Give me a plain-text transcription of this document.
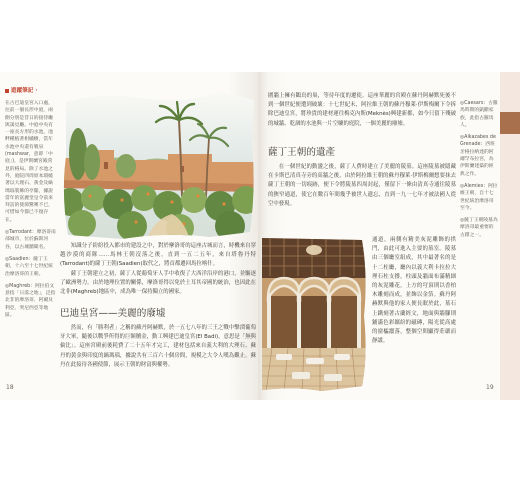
遊蹤筆記 ·

在古巴迪皇宮入口處，往前一個長形中庭，兩側分別是昔日的接待廳與謁見廳。中庭中央有一座長方形的水池，池畔種植著柑橘樹，當年水池中央還有噴泉(mashwar，意即「中庭」)，是伊斯蘭宮殿常見的格局。除了水池之外，庭院四周原本環繞著以大理石、黃金及縞瑪瑙裝飾的亭閣，據說當年的富麗堂皇令前來拜訪的使節驚嘆不已，可惜如今都已不復存在。

◎Tarrodant：摩洛哥南部城市，位於蘇斯河谷，以古城牆聞名。

◎Saadien：薩丁王朝，十六至十七世紀統治摩洛哥的王朝。

◎Maghreb：阿拉伯文意指「日落之地」，泛指北非的摩洛哥、阿爾及利亞、突尼西亞等地區。

知識分子紛紛投入都市的建設之中，對於摩洛哥的這座古城而言，時機來自穿越沙漠的商隊……馬林王朝沒落之後，直到一五二五年，來自塔魯丹特(Tarrodant)的薩丁王朝(Saadien)取代之，將首都遷回馬拉喀什。

薩丁王朝建立之初，薩丁人從葡萄牙人手中收復了大西洋沿岸的港口，並驅逐了歐洲勢力。由於地理位置的關係，摩洛哥得以免於土耳其帝國的統治，也因此在北非(Maghreb)地區中，成為唯一保持獨立的國家。

巴迪皇宮——美麗的廢墟

然而，有「勝利者」之稱的蘇丹阿赫默，於一五七八年的三王之戰中擊潰葡萄牙大軍，隨後以戰爭所得的巨額贖金，動工興建巴迪皇宮(El Badi)，意思是「無與倫比」。這座宮殿前後耗費了二十五年才完工，建材包括來自義大利的大理石、蘇丹的黃金與印度的縞瑪瑙，據說共有三百六十個房間，規模之大令人嘆為觀止。蘇丹在此接待各國使節，展示王朝的財富與權勢。

18

圍牆上擁有鸛鳥的巢，等待年度的遷徙。這座華麗的宮殿在蘇丹阿赫默死後不到一個世紀便遭到破壞：十七世紀末，阿拉維王朝的蘇丹穆萊·伊斯梅爾下令拆除巴迪皇宮，將珍貴的建材運往梅克內斯(Meknès)興建新都，如今只留下殘破的城牆、乾涸的水池與一片空曠的庭院，一個美麗的廢墟。

薩丁王朝的遺產

在一個世紀的動盪之後，薩丁人費時建立了美麗的陵墓。這座陵墓被隱藏在卡斯巴清真寺旁的高牆之後，由於阿拉維王朝的蘇丹穆萊·伊斯梅爾想要抹去薩丁王朝的一切痕跡，便下令將陵墓四周封起，僅留下一條由清真寺通往陵墓的狹窄通道，使它在數百年間幾乎被世人遺忘，直到一九一七年才被法國人從空中發現。

通道，兩側有精美灰泥雕飾的拱門，由此可進入主要的墓室。陵墓由三個廳室組成，其中最著名的是十二柱廳，廳內以義大利卡拉拉大理石柱支撐，柱頭及牆面布滿精細的灰泥雕花，上方的穹頂則以香柏木雕刻而成，並飾以金箔。蘇丹阿赫默與他的家人便長眠於此，墓石上鐫刻著古蘭經文，地面與牆腳則鋪滿色彩繽紛的磁磚，陽光從高處的窗櫺灑落，整個空間顯得莊嚴而靜謐。

◎Caesars：古羅馬時期的凱撒家族，此指古羅馬人。

◎Alkazabes de Grenade：西班牙格拉納達的阿爾罕布拉宮，為伊斯蘭建築的經典之作。

◎Alemies：阿拉維王朝，自十七世紀統治摩洛哥至今。

◎薩丁王朝陵墓為摩洛哥最重要的古蹟之一。

19
